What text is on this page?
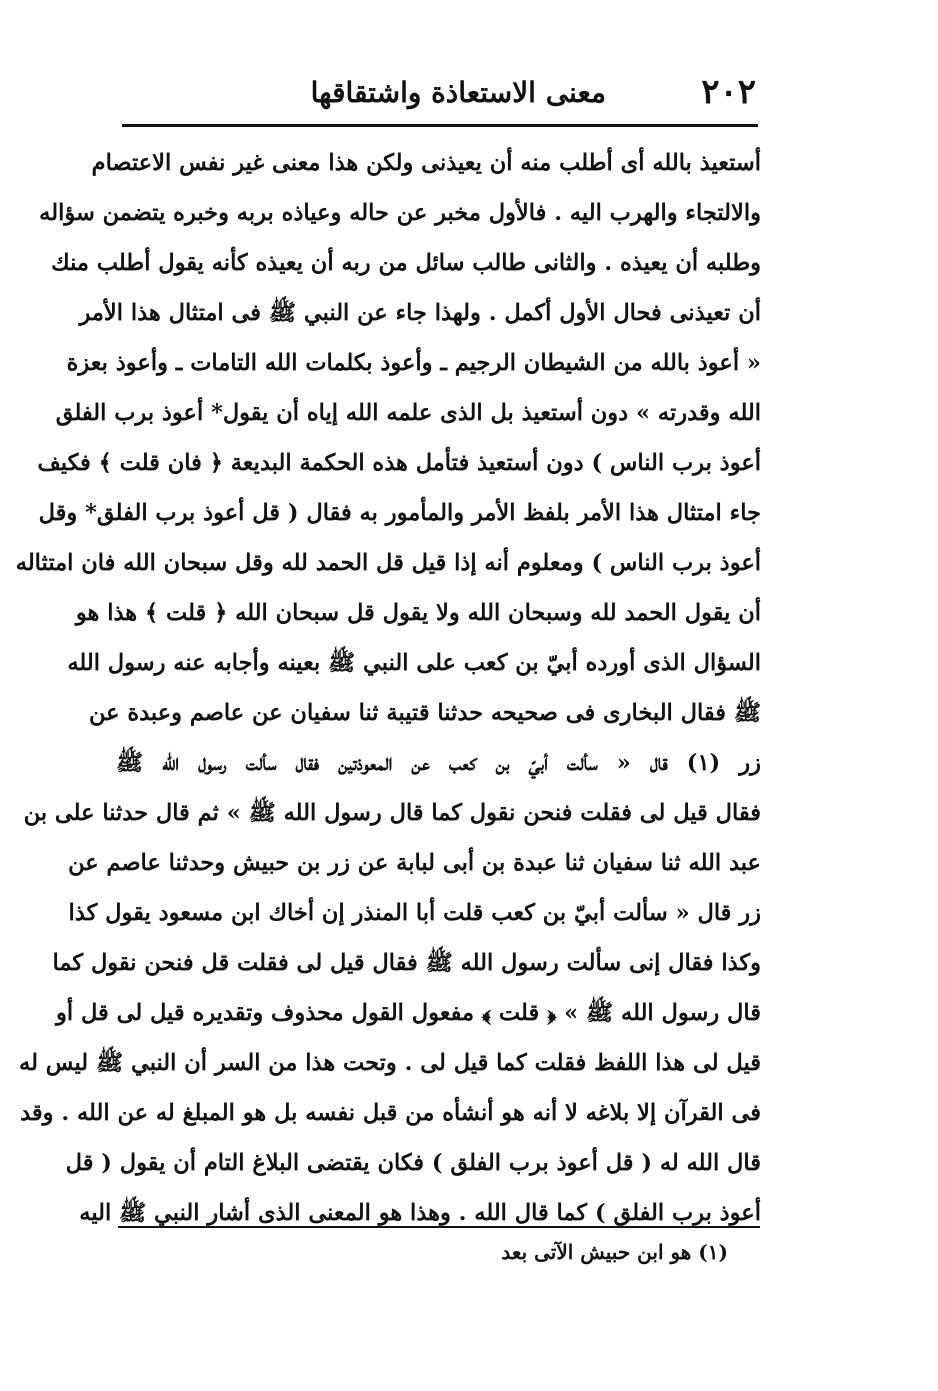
٢٠٢
معنى الاستعاذة واشتقاقها
أستعيذ بالله أى أطلب منه أن يعيذنى ولكن هذا معنى غير نفس الاعتصام
والالتجاء والهرب اليه . فالأول مخبر عن حاله وعياذه بربه وخبره يتضمن سؤاله
وطلبه أن يعيذه . والثانى طالب سائل من ربه أن يعيذه كأنه يقول أطلب منك
أن تعيذنى فحال الأول أكمل . ولهذا جاء عن النبي ﷺ فى امتثال هذا الأمر
« أعوذ بالله من الشيطان الرجيم ـ وأعوذ بكلمات الله التامات ـ وأعوذ بعزة
الله وقدرته » دون أستعيذ بل الذى علمه الله إياه أن يقول* أعوذ برب الفلق
أعوذ برب الناس ) دون أستعيذ فتأمل هذه الحكمة البديعة ﴿ فان قلت ﴾ فكيف
جاء امتثال هذا الأمر بلفظ الأمر والمأمور به فقال ( قل أعوذ برب الفلق* وقل
أعوذ برب الناس ) ومعلوم أنه إذا قيل قل الحمد لله وقل سبحان الله فان امتثاله
أن يقول الحمد لله وسبحان الله ولا يقول قل سبحان الله ﴿ قلت ﴾ هذا هو
السؤال الذى أورده أبيّ بن كعب على النبي ﷺ بعينه وأجابه عنه رسول الله
ﷺ فقال البخارى فى صحيحه حدثنا قتيبة ثنا سفيان عن عاصم وعبدة عن
زر (١) قال « سألت أبيّ بن كعب عن المعوذتين فقال سألت رسول الله ﷺ
فقال قيل لى فقلت فنحن نقول كما قال رسول الله ﷺ » ثم قال حدثنا على بن
عبد الله ثنا سفيان ثنا عبدة بن أبى لبابة عن زر بن حبيش وحدثنا عاصم عن
زر قال « سألت أبيّ بن كعب قلت أبا المنذر إن أخاك ابن مسعود يقول كذا
وكذا فقال إنى سألت رسول الله ﷺ فقال قيل لى فقلت قل فنحن نقول كما
قال رسول الله ﷺ » ﴿ قلت ﴾ مفعول القول محذوف وتقديره قيل لى قل أو
قيل لى هذا اللفظ فقلت كما قيل لى . وتحت هذا من السر أن النبي ﷺ ليس له
فى القرآن إلا بلاغه لا أنه هو أنشأه من قبل نفسه بل هو المبلغ له عن الله . وقد
قال الله له ( قل أعوذ برب الفلق ) فكان يقتضى البلاغ التام أن يقول ( قل
أعوذ برب الفلق ) كما قال الله . وهذا هو المعنى الذى أشار النبي ﷺ اليه
(١) هو ابن حبيش الآتى بعد
